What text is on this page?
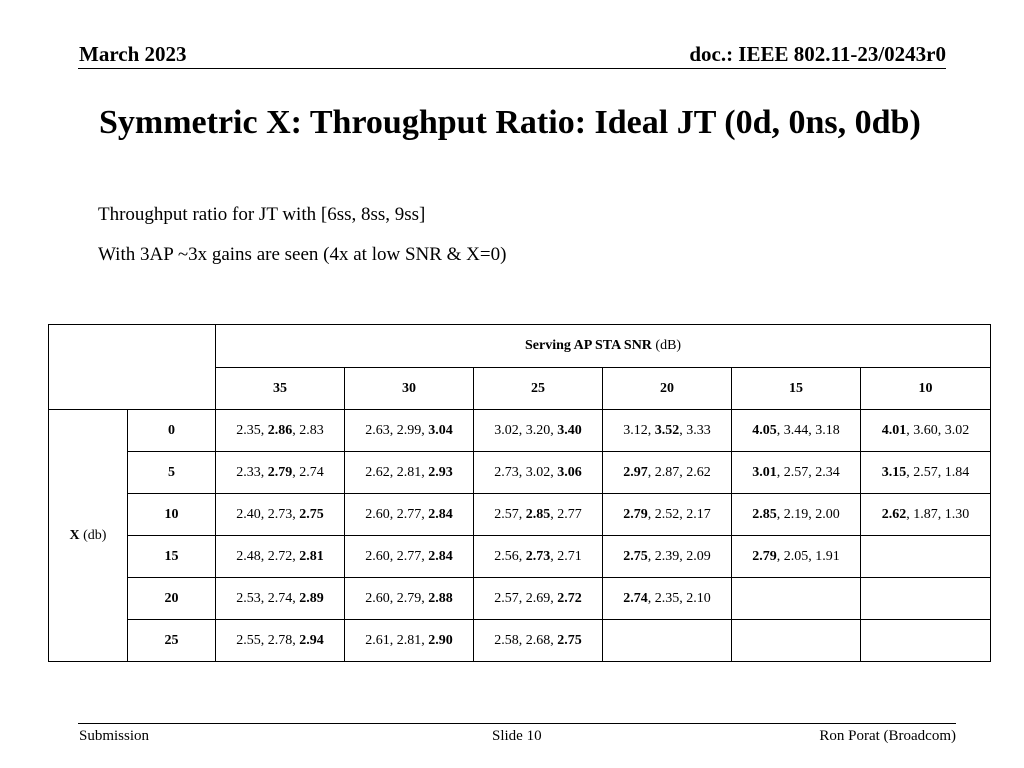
March 2023	doc.: IEEE 802.11-23/0243r0
Symmetric X: Throughput Ratio: Ideal JT (0d, 0ns, 0db)
Throughput ratio for JT with [6ss, 8ss, 9ss]
With 3AP ~3x gains are seen (4x at low SNR & X=0)
		Serving AP STA SNR (dB)					
		35	30	25	20	15	10
X (db)	0	2.35, 2.86, 2.83	2.63, 2.99, 3.04	3.02, 3.20, 3.40	3.12, 3.52, 3.33	4.05, 3.44, 3.18	4.01, 3.60, 3.02
	5	2.33, 2.79, 2.74	2.62, 2.81, 2.93	2.73, 3.02, 3.06	2.97, 2.87, 2.62	3.01, 2.57, 2.34	3.15, 2.57, 1.84
	10	2.40, 2.73, 2.75	2.60, 2.77, 2.84	2.57, 2.85, 2.77	2.79, 2.52, 2.17	2.85, 2.19, 2.00	2.62, 1.87, 1.30
	15	2.48, 2.72, 2.81	2.60, 2.77, 2.84	2.56, 2.73, 2.71	2.75, 2.39, 2.09	2.79, 2.05, 1.91	
	20	2.53, 2.74, 2.89	2.60, 2.79, 2.88	2.57, 2.69, 2.72	2.74, 2.35, 2.10		
	25	2.55, 2.78, 2.94	2.61, 2.81, 2.90	2.58, 2.68, 2.75			
Submission	Slide 10	Ron Porat (Broadcom)
